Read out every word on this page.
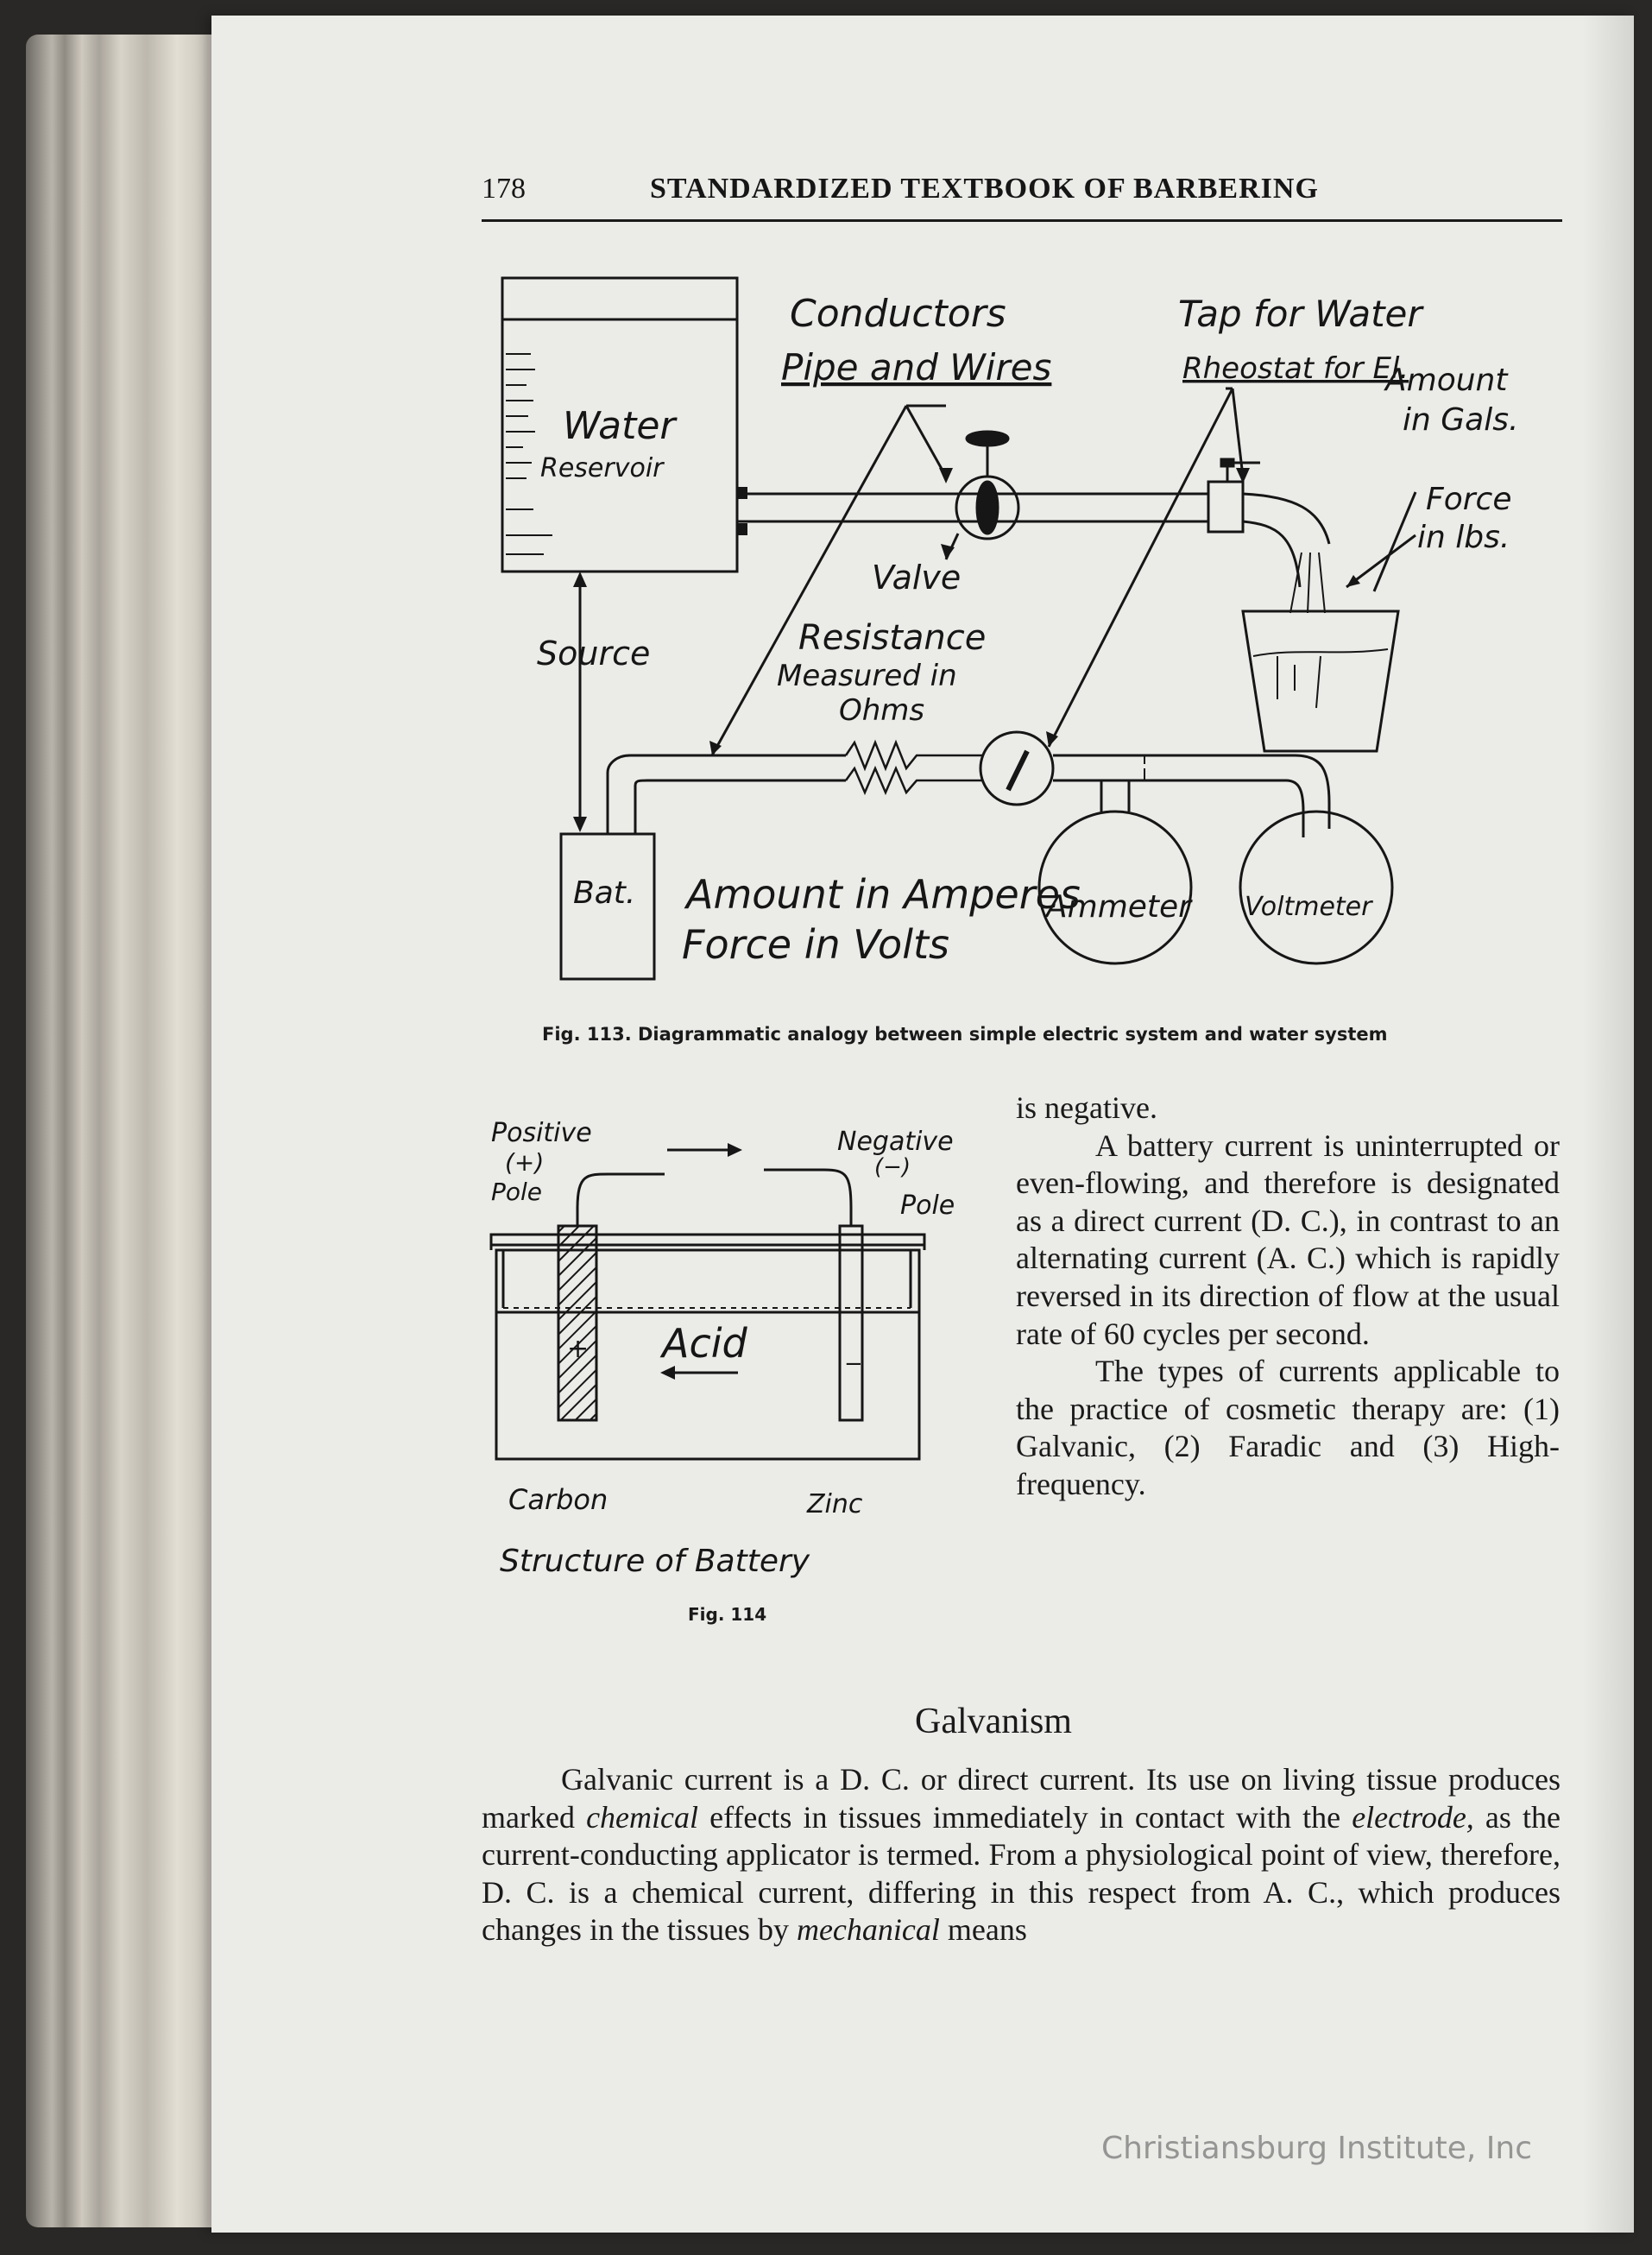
178	STANDARDIZED TEXTBOOK OF BARBERING
Conductors
Pipe and Wires
Tap for Water
Rheostat for El.
Amount
in Gals.
Force
in lbs.
Water
Reservoir
Valve
Source	Resistance
Measured in
Ohms
Bat. Amount in Amperes
Force in Volts
Ammeter Voltmeter
Fig. 113. Diagrammatic analogy between simple electric system and water system
Positive
(+)
Pole
Negative
(−)
Pole
Acid
+	−
Carbon	Zinc
Structure of Battery
Fig. 114

is negative.

A battery current is uninterrupted or even-flowing, and therefore is designated as a direct current (D. C.), in contrast to an alternating current (A. C.) which is rapidly reversed in its direction of flow at the usual rate of 60 cycles per second.

The types of currents applicable to the practice of cosmetic therapy are: (1) Galvanic, (2) Faradic and (3) High-frequency.

Galvanism

Galvanic current is a D. C. or direct current. Its use on living tissue produces marked chemical effects in tissues immediately in contact with the electrode, as the current-conducting applicator is termed. From a physiological point of view, therefore, D. C. is a chemical current, differing in this respect from A. C., which produces changes in the tissues by mechanical means

Christiansburg Institute, Inc
